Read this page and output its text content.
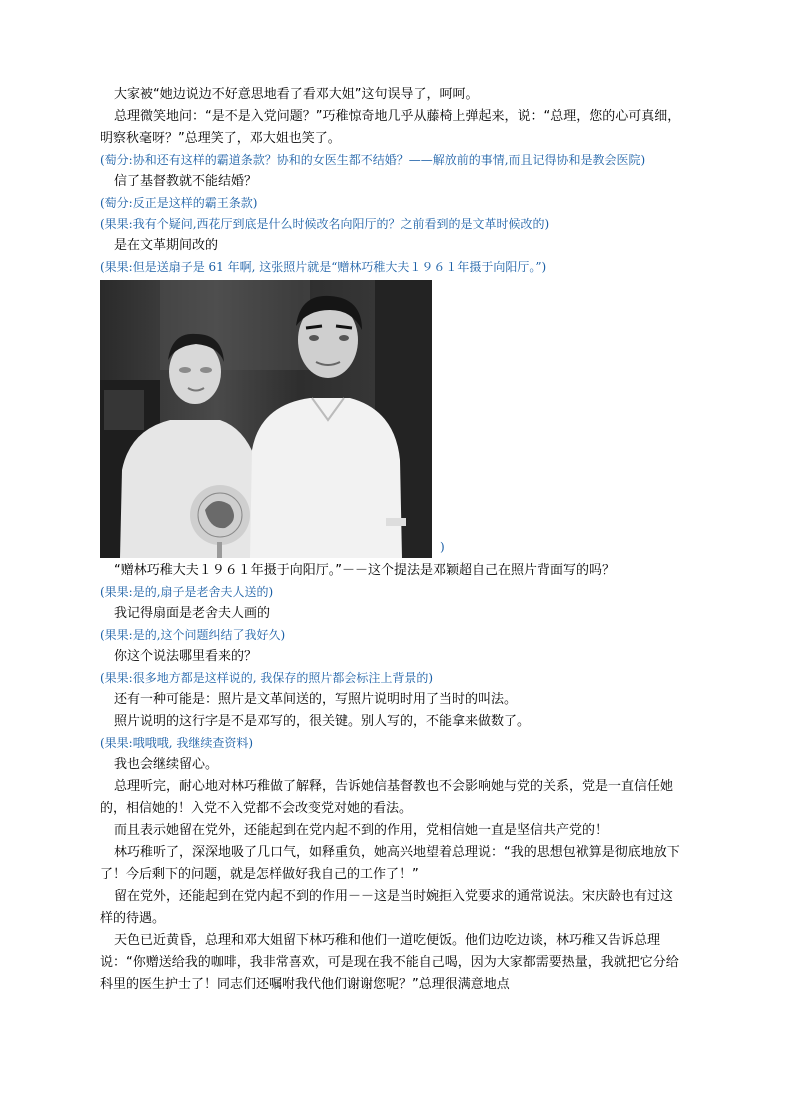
大家被“她边说边不好意思地看了看邓大姐”这句误导了，呵呵。
总理微笑地问：“是不是入党问题？”巧稚惊奇地几乎从藤椅上弹起来，说：“总理，您的心可真细，明察秋毫呀？”总理笑了，邓大姐也笑了。
(萄分:协和还有这样的霸道条款？协和的女医生都不结婚？——解放前的事情,而且记得协和是教会医院)
信了基督教就不能结婚？
(萄分:反正是这样的霸王条款)
(果果:我有个疑问,西花厅到底是什么时候改名向阳厅的？之前看到的是文革时候改的)
是在文革期间改的
(果果:但是送扇子是 61 年啊, 这张照片就是“赠林巧稚大夫１９６１年摄于向阳厅。”)
)
“赠林巧稚大夫１９６１年摄于向阳厅。”－－这个提法是邓颖超自己在照片背面写的吗？
(果果:是的,扇子是老舍夫人送的)
我记得扇面是老舍夫人画的
(果果:是的,这个问题纠结了我好久)
你这个说法哪里看来的？
(果果:很多地方都是这样说的, 我保存的照片都会标注上背景的)
还有一种可能是：照片是文革间送的，写照片说明时用了当时的叫法。
照片说明的这行字是不是邓写的，很关键。别人写的，不能拿来做数了。
(果果:哦哦哦, 我继续查资料)
我也会继续留心。
总理听完，耐心地对林巧稚做了解释，告诉她信基督教也不会影响她与党的关系，党是一直信任她的，相信她的！入党不入党都不会改变党对她的看法。
而且表示她留在党外，还能起到在党内起不到的作用，党相信她一直是坚信共产党的！
林巧稚听了，深深地吸了几口气，如释重负，她高兴地望着总理说：“我的思想包袱算是彻底地放下了！今后剩下的问题，就是怎样做好我自己的工作了！”
留在党外，还能起到在党内起不到的作用－－这是当时婉拒入党要求的通常说法。宋庆龄也有过这样的待遇。
天色已近黄昏，总理和邓大姐留下林巧稚和他们一道吃便饭。他们边吃边谈，林巧稚又告诉总理说：“你赠送给我的咖啡，我非常喜欢，可是现在我不能自己喝，因为大家都需要热量，我就把它分给科里的医生护士了！同志们还嘱咐我代他们谢谢您呢？”总理很满意地点
